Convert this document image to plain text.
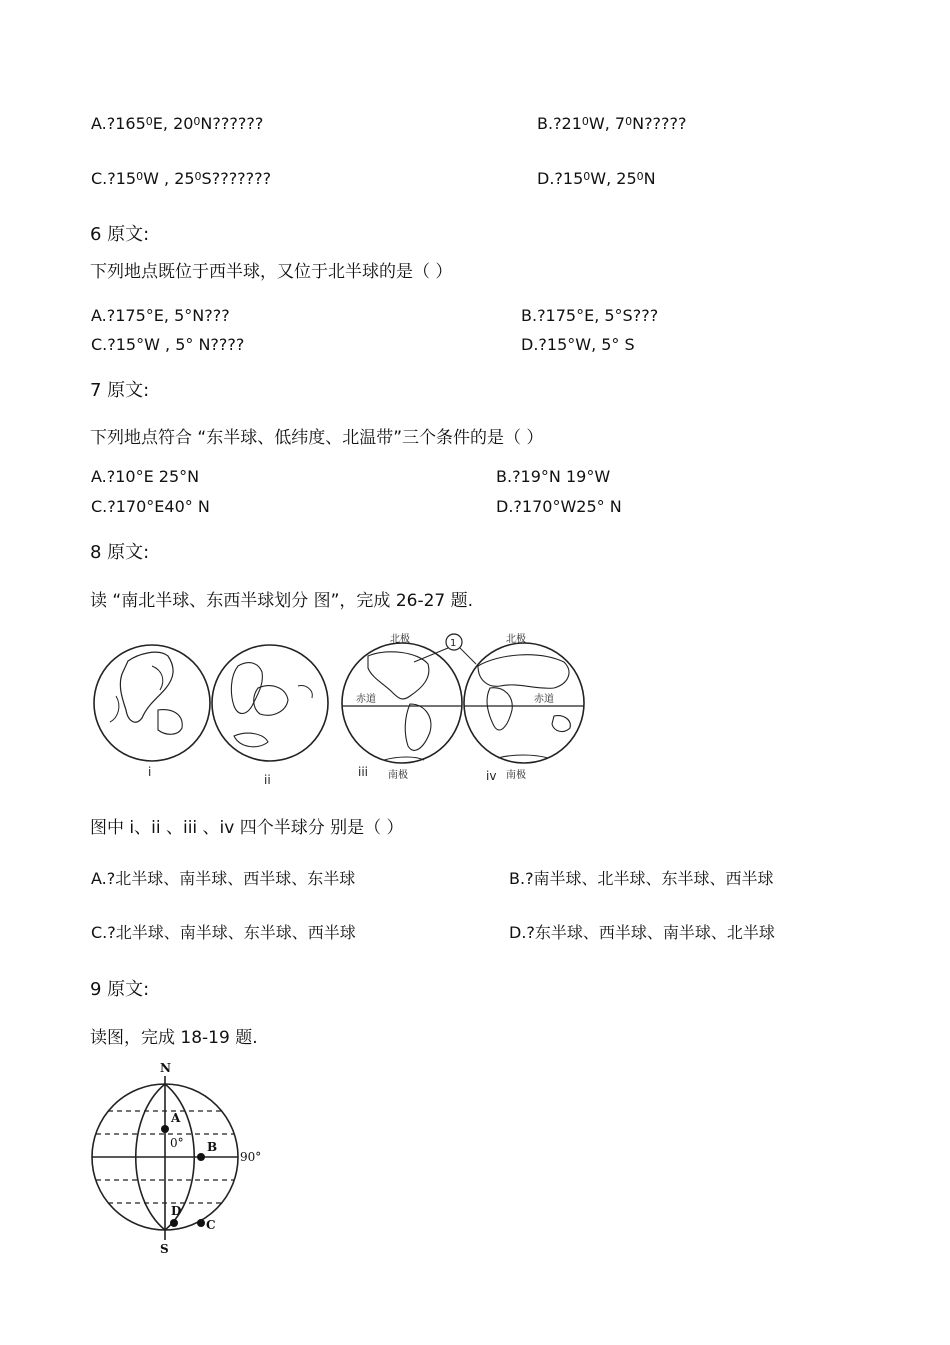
$A.?165^0E$, $20^0N$??????	$B.?21^0W$, $7^0N$?????
$C.?15^0W$ , $25^0S$???????	$D.?15^0W$, $25^0N$
6 原文:
下列地点既位于西半球，又位于北半球的是（ ）
A.?175°E, 5°N???	B.?175°E, 5°S???
C.?15°W , 5° N????	D.?15°W, 5° S
7 原文:
下列地点符合 “东半球、低纬度、北温带”三个条件的是（ ）
A.?10°E 25°N	B.?19°N 19°W
C.?170°E40° N	D.?170°W25° N
8 原文:
读 “南北半球、东西半球划分 图”，完成 26-27 题.
北极	北极
1
赤道	赤道
南极	南极
i
ii
iii	iv
图中 i、ii 、iii 、iv 四个半球分 别是（ ）
A.?北半球、南半球、西半球、东半球	B.?南半球、北半球、东半球、西半球
C.?北半球、南半球、东半球、西半球	D.?东半球、西半球、南半球、北半球
9 原文:
读图，完成 18-19 题.
N
S
A
B
D
C
0°
90°
